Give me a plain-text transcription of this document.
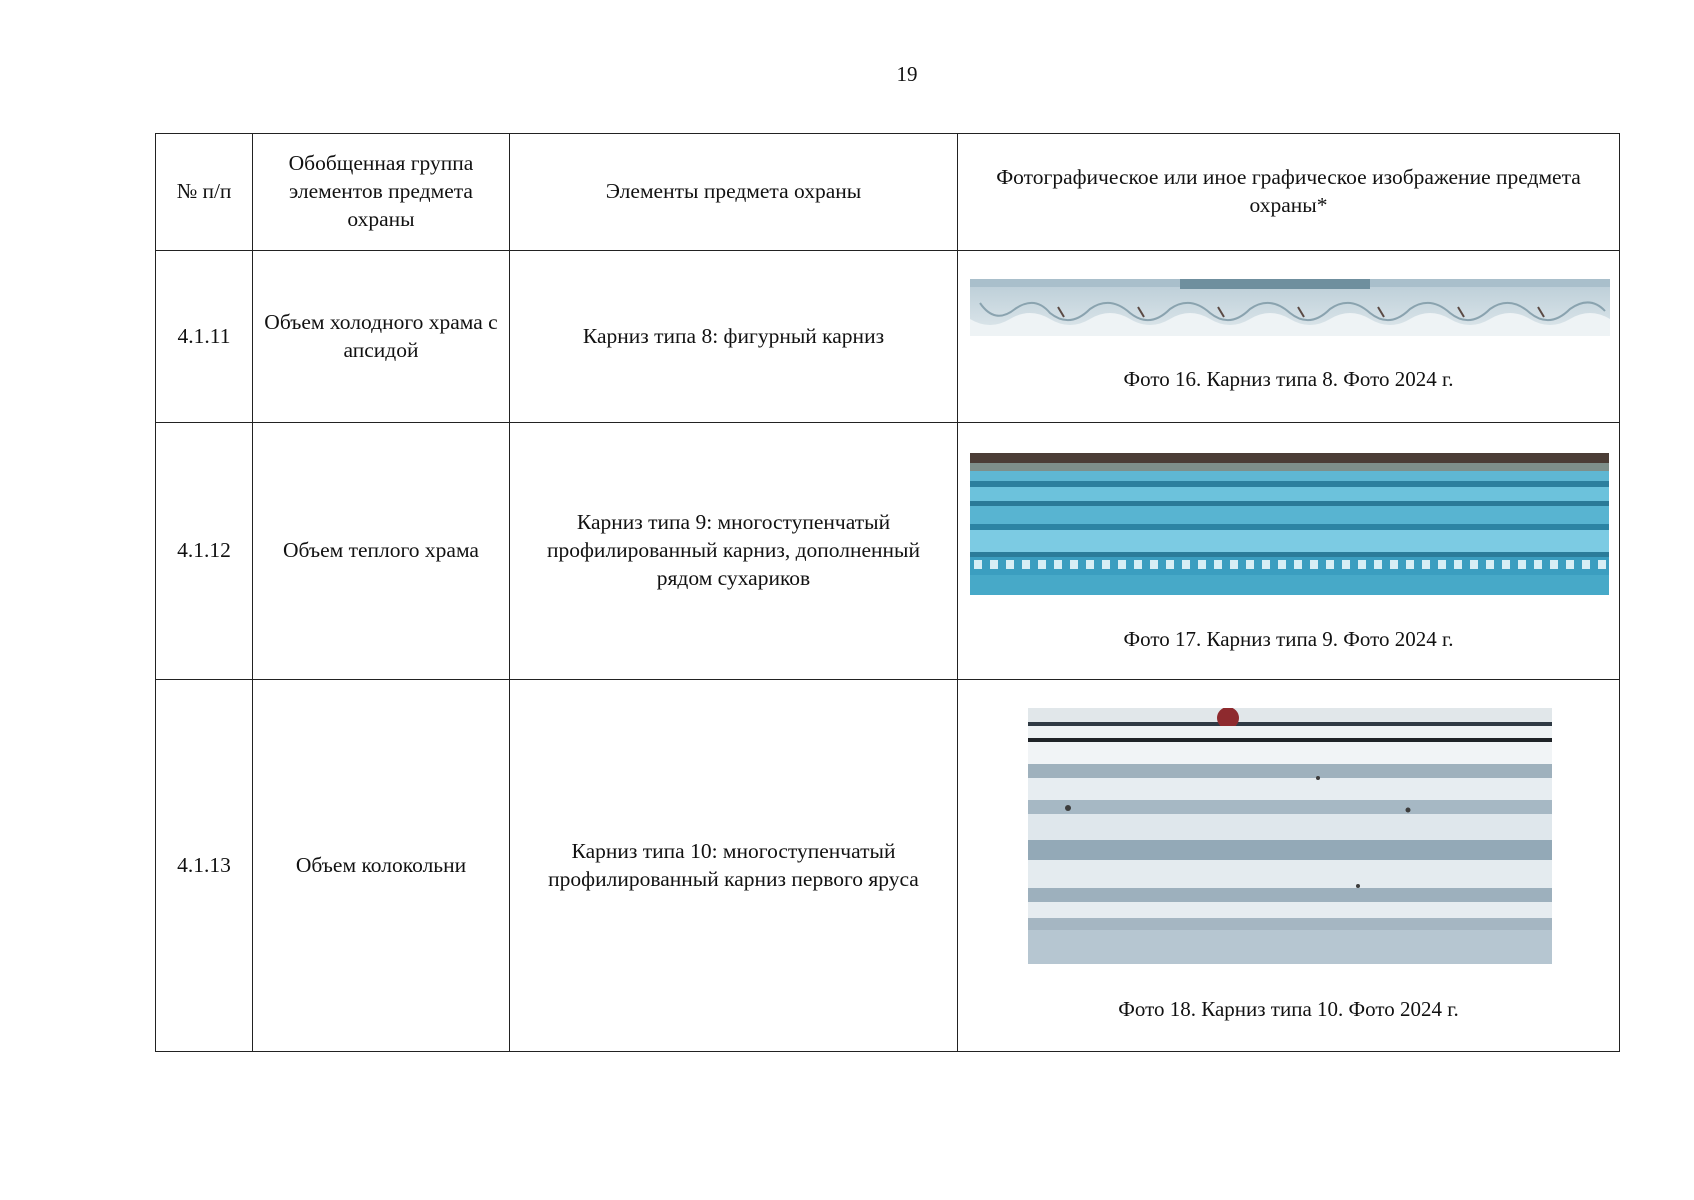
19
№ п/п	Обобщенная группа элементов предмета охраны	Элементы предмета охраны	Фотографическое или иное графическое изображение предмета охраны*
4.1.11	Объем холодного храма с апсидой	Карниз типа 8: фигурный карниз	Фото 16. Карниз типа 8. Фото 2024 г.

4.1.12	Объем теплого храма	Карниз типа 9: многоступенчатый профилированный карниз, дополненный рядом сухариков	Фото 17. Карниз типа 9. Фото 2024 г.

4.1.13	Объем колокольни	Карниз типа 10: многоступенчатый профилированный карниз первого яруса	Фото 18. Карниз типа 10. Фото 2024 г.
